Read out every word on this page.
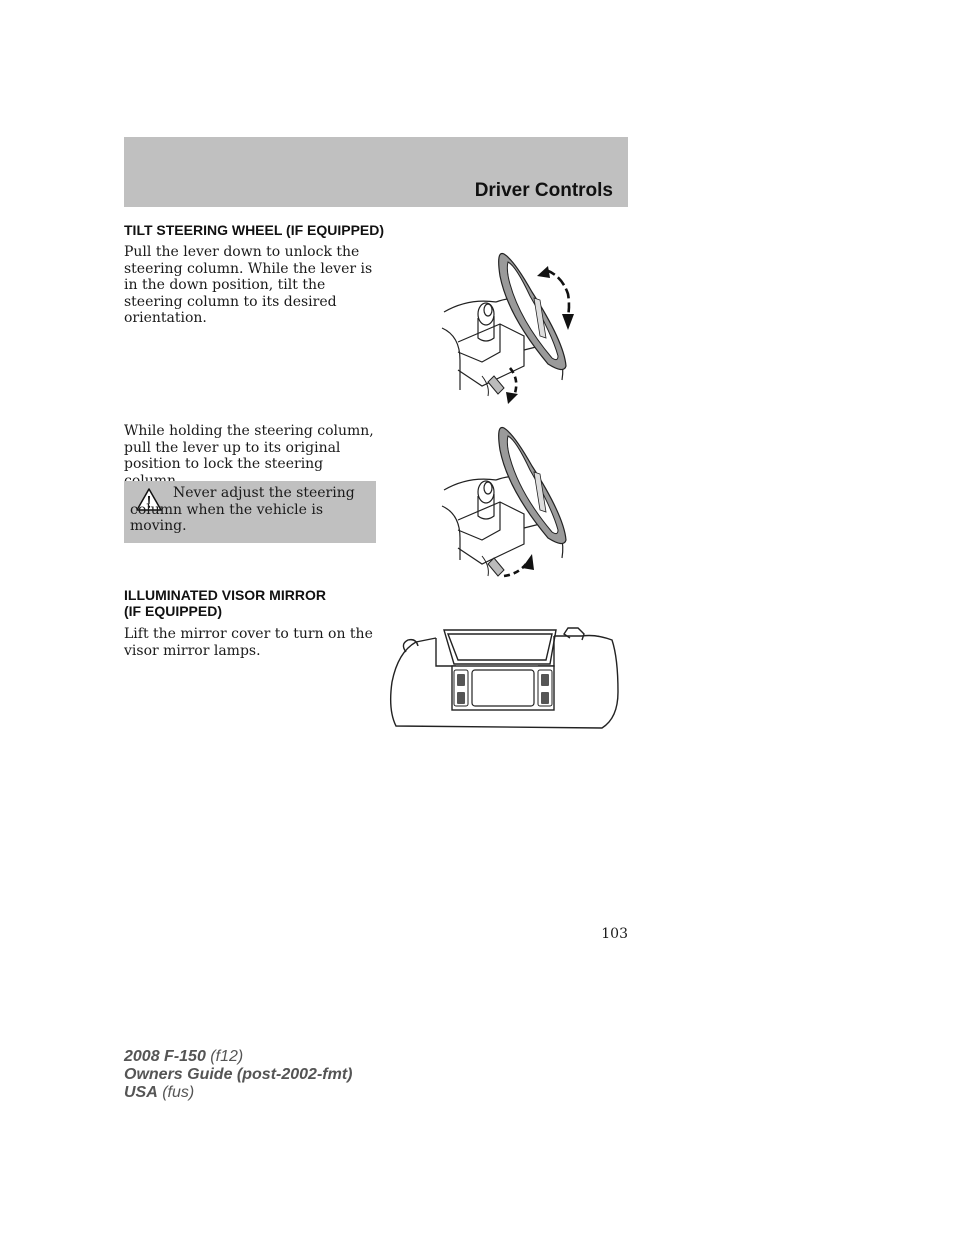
Driver Controls
TILT STEERING WHEEL (IF EQUIPPED)

Pull the lever down to unlock the
steering column. While the lever is
in the down position, tilt the
steering column to its desired
orientation.

While holding the steering column,
pull the lever up to its original
position to lock the steering

Never adjust the steering column when the vehicle is moving.

ILLUMINATED VISOR MIRROR
(IF EQUIPPED)

Lift the mirror cover to turn on the
visor mirror lamps.

103
2008 F-150 (f12)
Owners Guide (post-2002-fmt)
USA (fus)
